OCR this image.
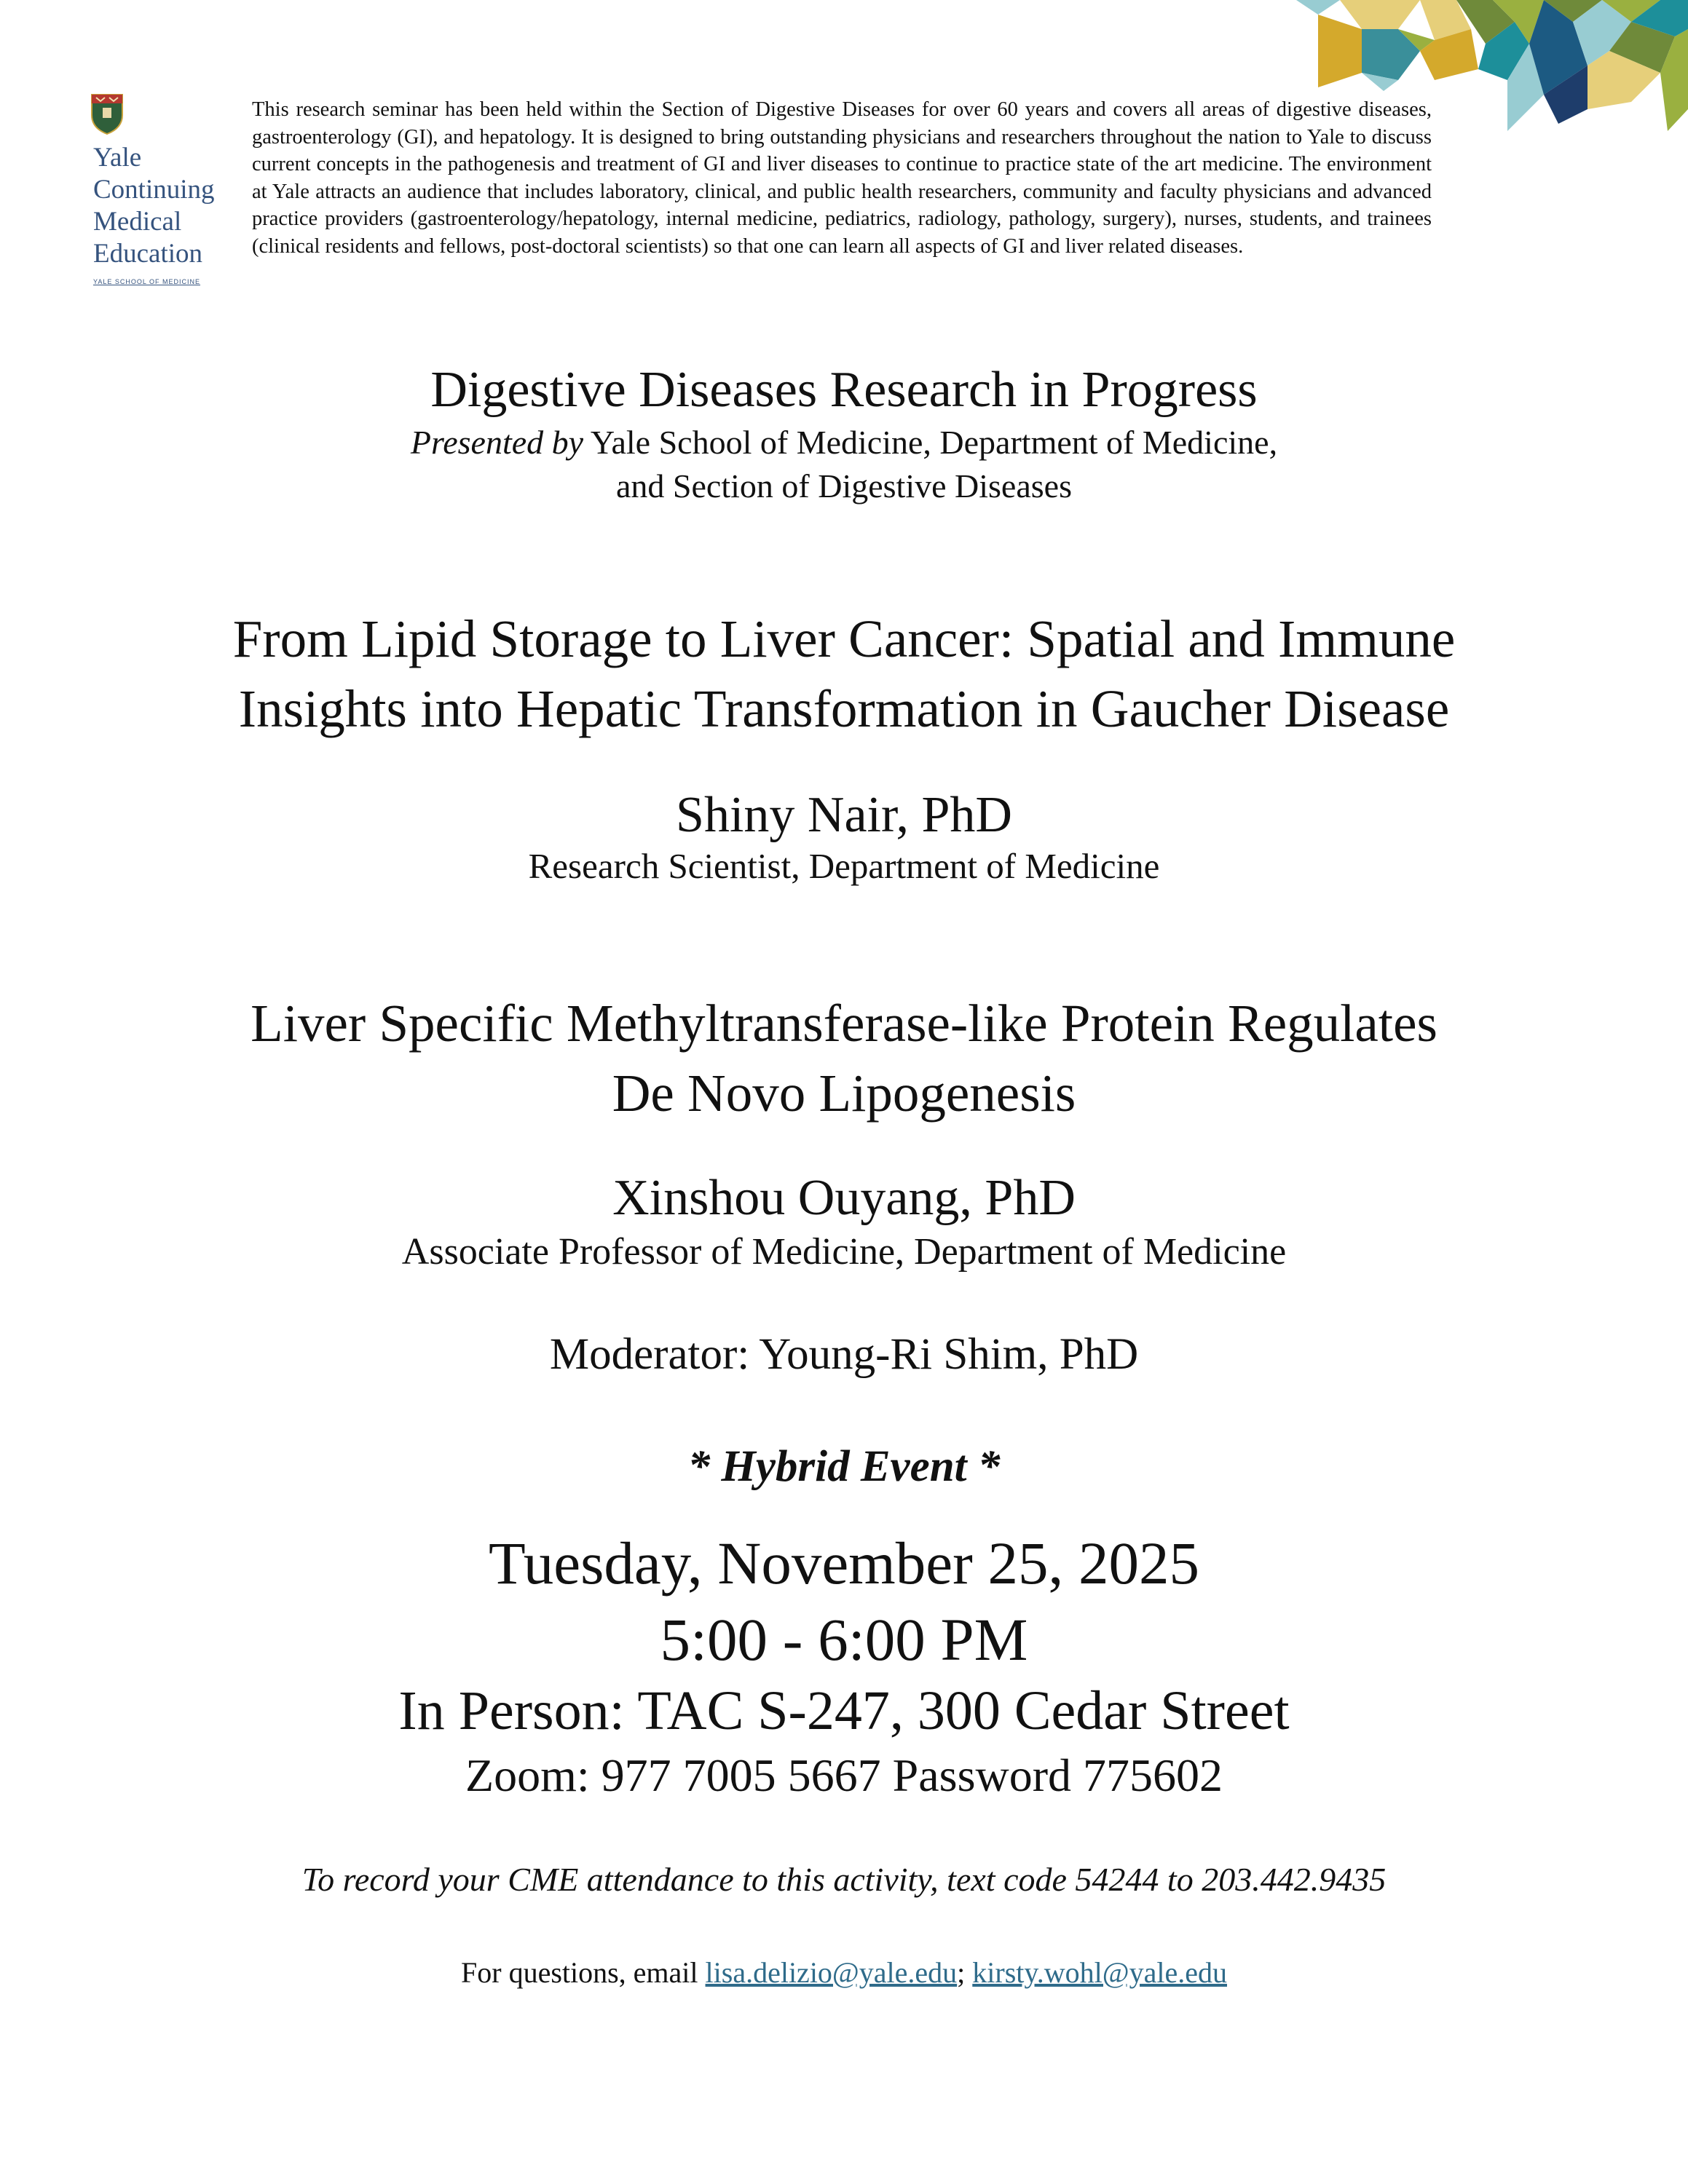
Yale
Continuing
Medical
Education
YALE SCHOOL OF MEDICINE
This research seminar has been held within the Section of Digestive Diseases for over 60 years and covers all areas of digestive diseases, gastroenterology (GI), and hepatology. It is designed to bring outstanding physicians and researchers throughout the nation to Yale to discuss current concepts in the pathogenesis and treatment of GI and liver diseases to continue to practice state of the art medicine. The environment at Yale attracts an audience that includes laboratory, clinical, and public health researchers, community and faculty physicians and advanced practice providers (gastroenterology/hepatology, internal medicine, pediatrics, radiology, pathology, surgery), nurses, students, and trainees (clinical residents and fellows, post-doctoral scientists) so that one can learn all aspects of GI and liver related diseases.
Digestive Diseases Research in Progress
Presented by Yale School of Medicine, Department of Medicine,
and Section of Digestive Diseases
From Lipid Storage to Liver Cancer: Spatial and Immune
Insights into Hepatic Transformation in Gaucher Disease
Shiny Nair, PhD
Research Scientist, Department of Medicine
Liver Specific Methyltransferase-like Protein Regulates
De Novo Lipogenesis
Xinshou Ouyang, PhD
Associate Professor of Medicine, Department of Medicine
Moderator: Young-Ri Shim, PhD
* Hybrid Event *
Tuesday, November 25, 2025
5:00 - 6:00 PM
In Person: TAC S-247, 300 Cedar Street
Zoom: 977 7005 5667 Password 775602
To record your CME attendance to this activity, text code 54244 to 203.442.9435
For questions, email lisa.delizio@yale.edu; kirsty.wohl@yale.edu
